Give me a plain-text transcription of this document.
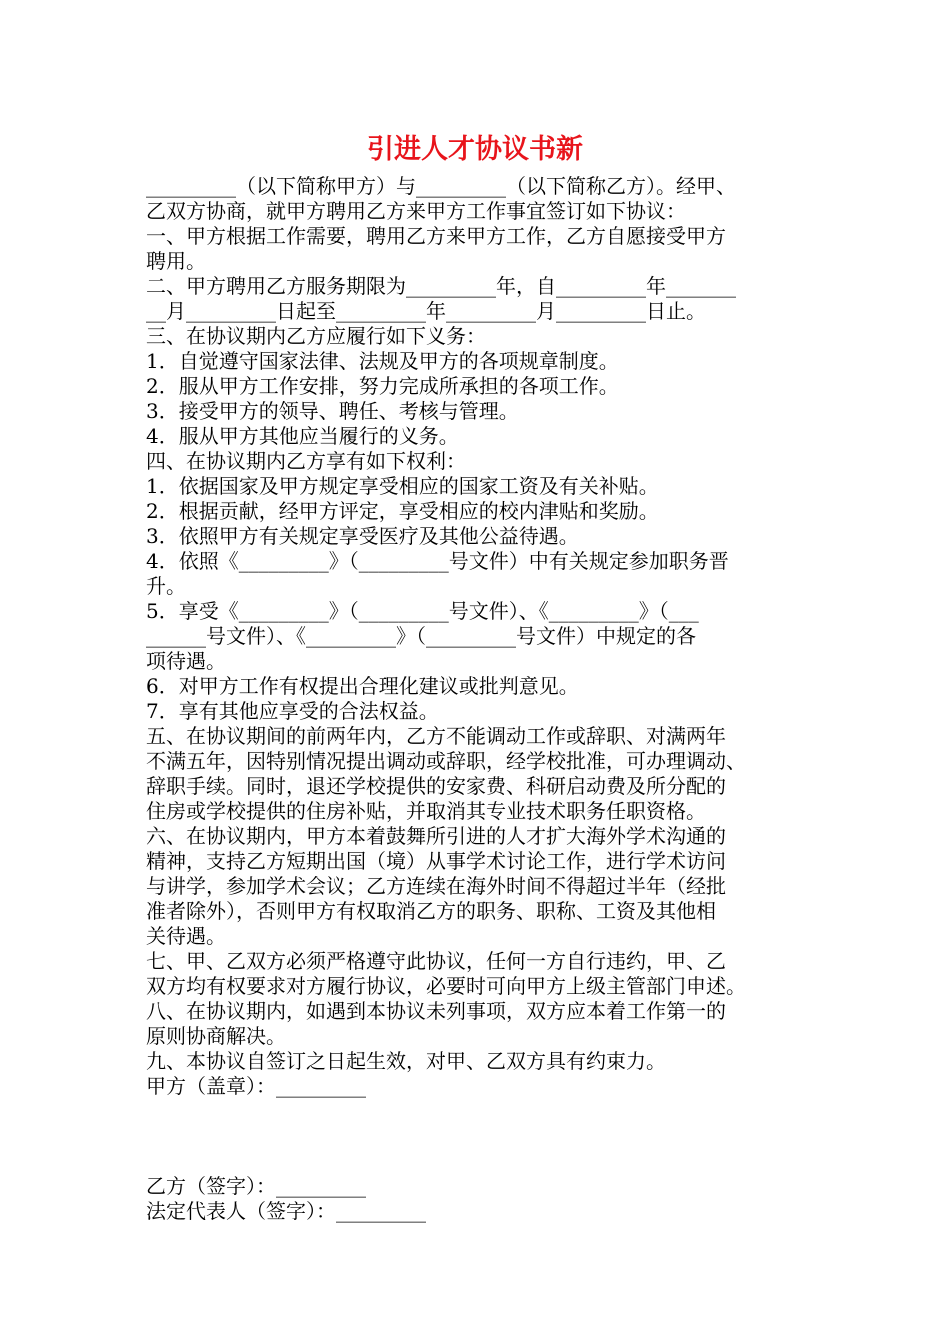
引进人才协议书新
_________（以下简称甲方）与_________（以下简称乙方）。经甲、
乙双方协商，就甲方聘用乙方来甲方工作事宜签订如下协议：
一、甲方根据工作需要，聘用乙方来甲方工作，乙方自愿接受甲方
聘用。
二、甲方聘用乙方服务期限为_________年，自_________年_______
__月_________日起至_________年_________月_________日止。
三、在协议期内乙方应履行如下义务：
1．自觉遵守国家法律、法规及甲方的各项规章制度。
2．服从甲方工作安排，努力完成所承担的各项工作。
3．接受甲方的领导、聘任、考核与管理。
4．服从甲方其他应当履行的义务。
四、在协议期内乙方享有如下权利：
1．依据国家及甲方规定享受相应的国家工资及有关补贴。
2．根据贡献，经甲方评定，享受相应的校内津贴和奖励。
3．依照甲方有关规定享受医疗及其他公益待遇。
4．依照《_________》（_________号文件）中有关规定参加职务晋
升。
5．享受《_________》（_________号文件）、《_________》（___
______号文件）、《_________》（_________号文件）中规定的各
项待遇。
6．对甲方工作有权提出合理化建议或批判意见。
7．享有其他应享受的合法权益。
五、在协议期间的前两年内，乙方不能调动工作或辞职、对满两年
不满五年，因特别情况提出调动或辞职，经学校批准，可办理调动、
辞职手续。同时，退还学校提供的安家费、科研启动费及所分配的
住房或学校提供的住房补贴，并取消其专业技术职务任职资格。
六、在协议期内，甲方本着鼓舞所引进的人才扩大海外学术沟通的
精神，支持乙方短期出国（境）从事学术讨论工作，进行学术访问
与讲学，参加学术会议；乙方连续在海外时间不得超过半年（经批
准者除外），否则甲方有权取消乙方的职务、职称、工资及其他相
关待遇。
七、甲、乙双方必须严格遵守此协议，任何一方自行违约，甲、乙
双方均有权要求对方履行协议，必要时可向甲方上级主管部门申述。
八、在协议期内，如遇到本协议未列事项，双方应本着工作第一的
原则协商解决。
九、本协议自签订之日起生效，对甲、乙双方具有约束力。
甲方（盖章）：_________
乙方（签字）：_________
法定代表人（签字）：_________
